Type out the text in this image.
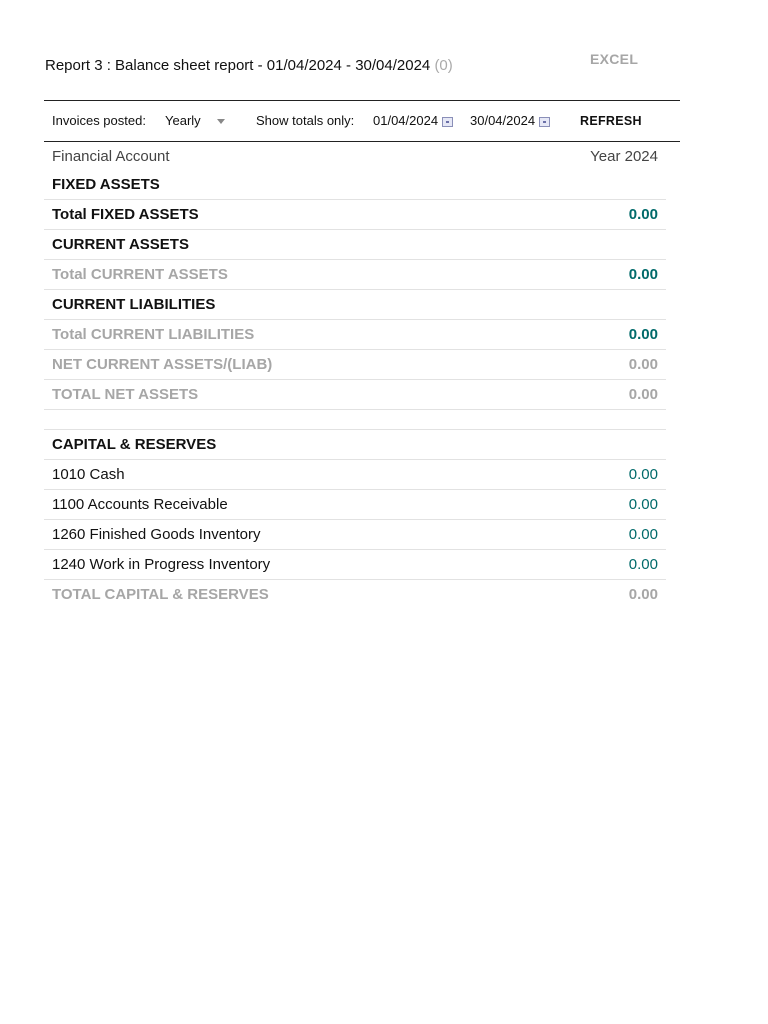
Report 3 : Balance sheet report - 01/04/2024 - 30/04/2024 (0)	EXCEL
Invoices posted: Yearly	Show totals only: 01/04/2024	30/04/2024	REFRESH
Financial Account	Year 2024
FIXED ASSETS	
Total FIXED ASSETS	0.00
CURRENT ASSETS	
Total CURRENT ASSETS	0.00
CURRENT LIABILITIES	
Total CURRENT LIABILITIES	0.00
NET CURRENT ASSETS/(LIAB)	0.00
TOTAL NET ASSETS	0.00

CAPITAL & RESERVES	
1010 Cash	0.00
1100 Accounts Receivable	0.00
1260 Finished Goods Inventory	0.00
1240 Work in Progress Inventory	0.00
TOTAL CAPITAL & RESERVES	0.00
